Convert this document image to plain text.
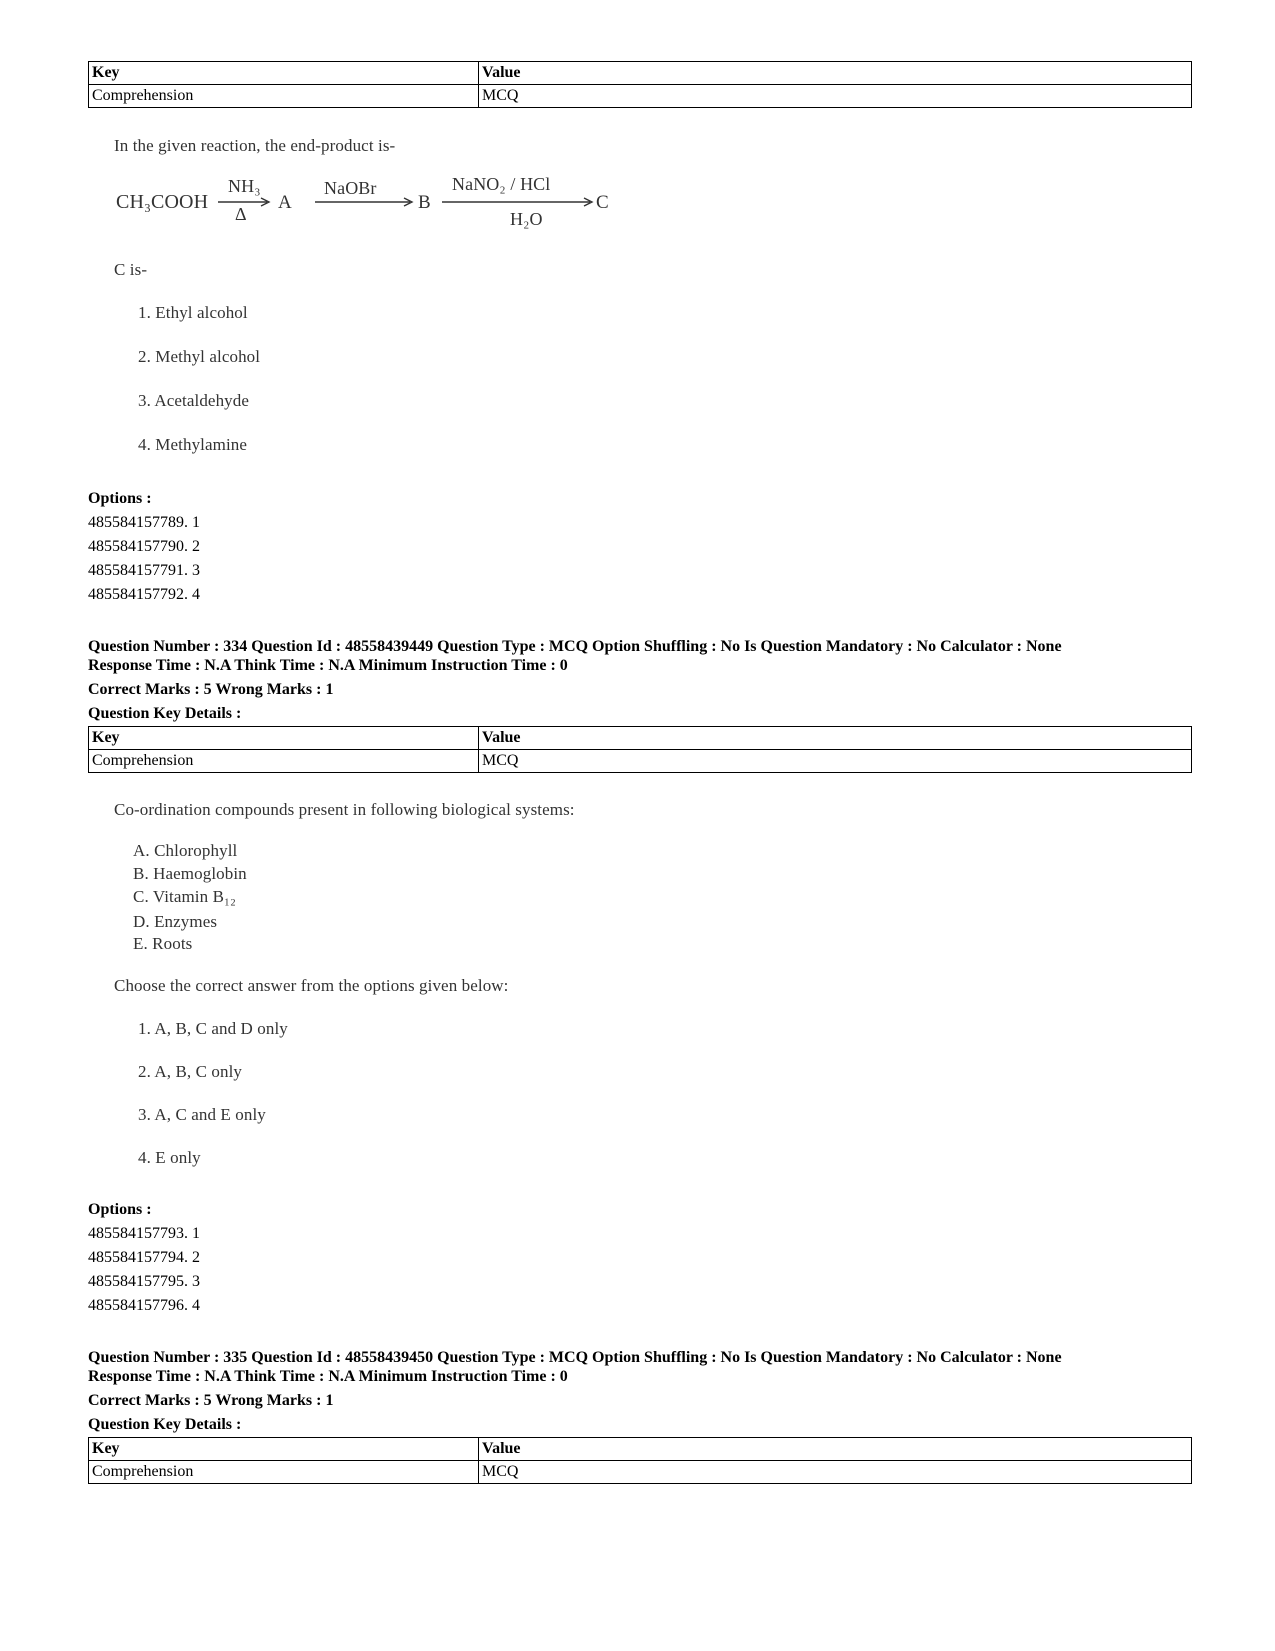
Key	Value
Comprehension	MCQ
In the given reaction, the end-product is-
CH₃COOH
NH₃
Δ
A
NaOBr
B
NaNO₂ / HCl
H₂O
C
C is-
1. Ethyl alcohol
2. Methyl alcohol
3. Acetaldehyde
4. Methylamine
Options :
485584157789. 1
485584157790. 2
485584157791. 3
485584157792. 4
Question Number : 334 Question Id : 48558439449 Question Type : MCQ Option Shuffling : No Is Question Mandatory : No Calculator : None
Response Time : N.A Think Time : N.A Minimum Instruction Time : 0
Correct Marks : 5 Wrong Marks : 1
Question Key Details :
Key	Value
Comprehension	MCQ
Co-ordination compounds present in following biological systems:
A. Chlorophyll
B. Haemoglobin
C. Vitamin B₁₂
D. Enzymes
E. Roots
Choose the correct answer from the options given below:
1. A, B, C and D only
2. A, B, C only
3. A, C and E only
4. E only
Options :
485584157793. 1
485584157794. 2
485584157795. 3
485584157796. 4
Question Number : 335 Question Id : 48558439450 Question Type : MCQ Option Shuffling : No Is Question Mandatory : No Calculator : None
Response Time : N.A Think Time : N.A Minimum Instruction Time : 0
Correct Marks : 5 Wrong Marks : 1
Question Key Details :
Key	Value
Comprehension	MCQ
